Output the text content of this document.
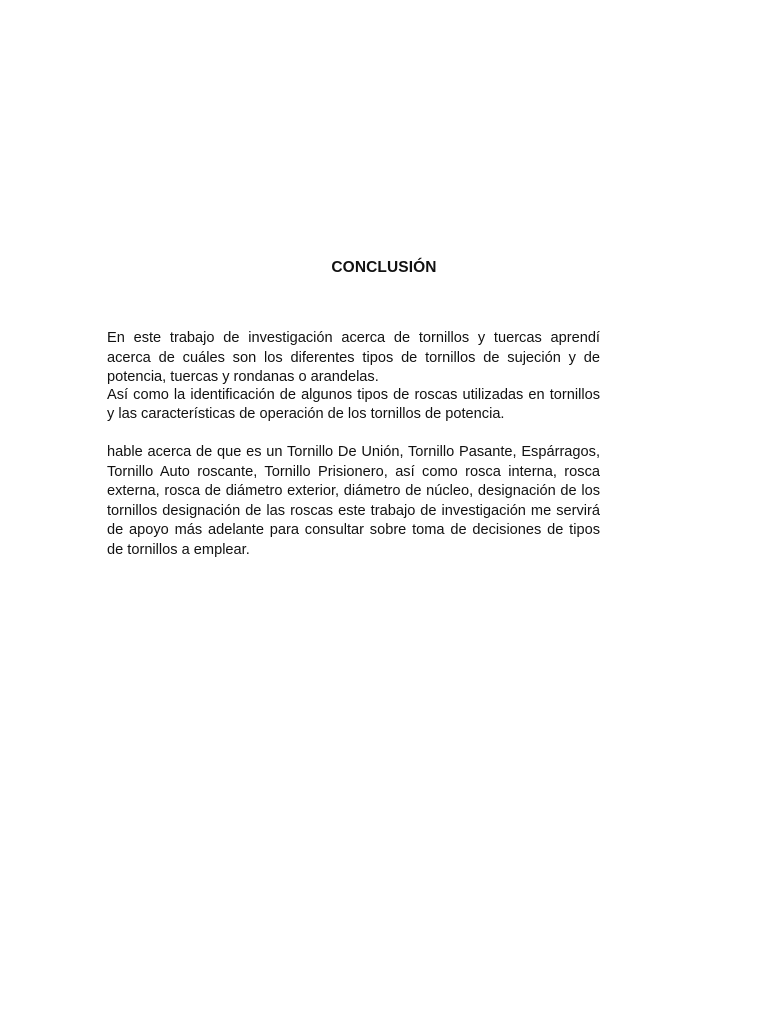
CONCLUSIÓN

En este trabajo de investigación acerca de tornillos y tuercas aprendí acerca de cuáles son los diferentes tipos de tornillos de sujeción y de potencia, tuercas y rondanas o arandelas.

Así como la identificación de algunos tipos de roscas utilizadas en tornillos y las características de operación de los tornillos de potencia.

hable acerca de que es un Tornillo De Unión, Tornillo Pasante, Espárragos, Tornillo Auto roscante, Tornillo Prisionero, así como rosca interna, rosca externa, rosca de diámetro exterior, diámetro de núcleo, designación de los tornillos designación de las roscas este trabajo de investigación me servirá de apoyo más adelante para consultar sobre toma de decisiones de tipos de tornillos a emplear.
